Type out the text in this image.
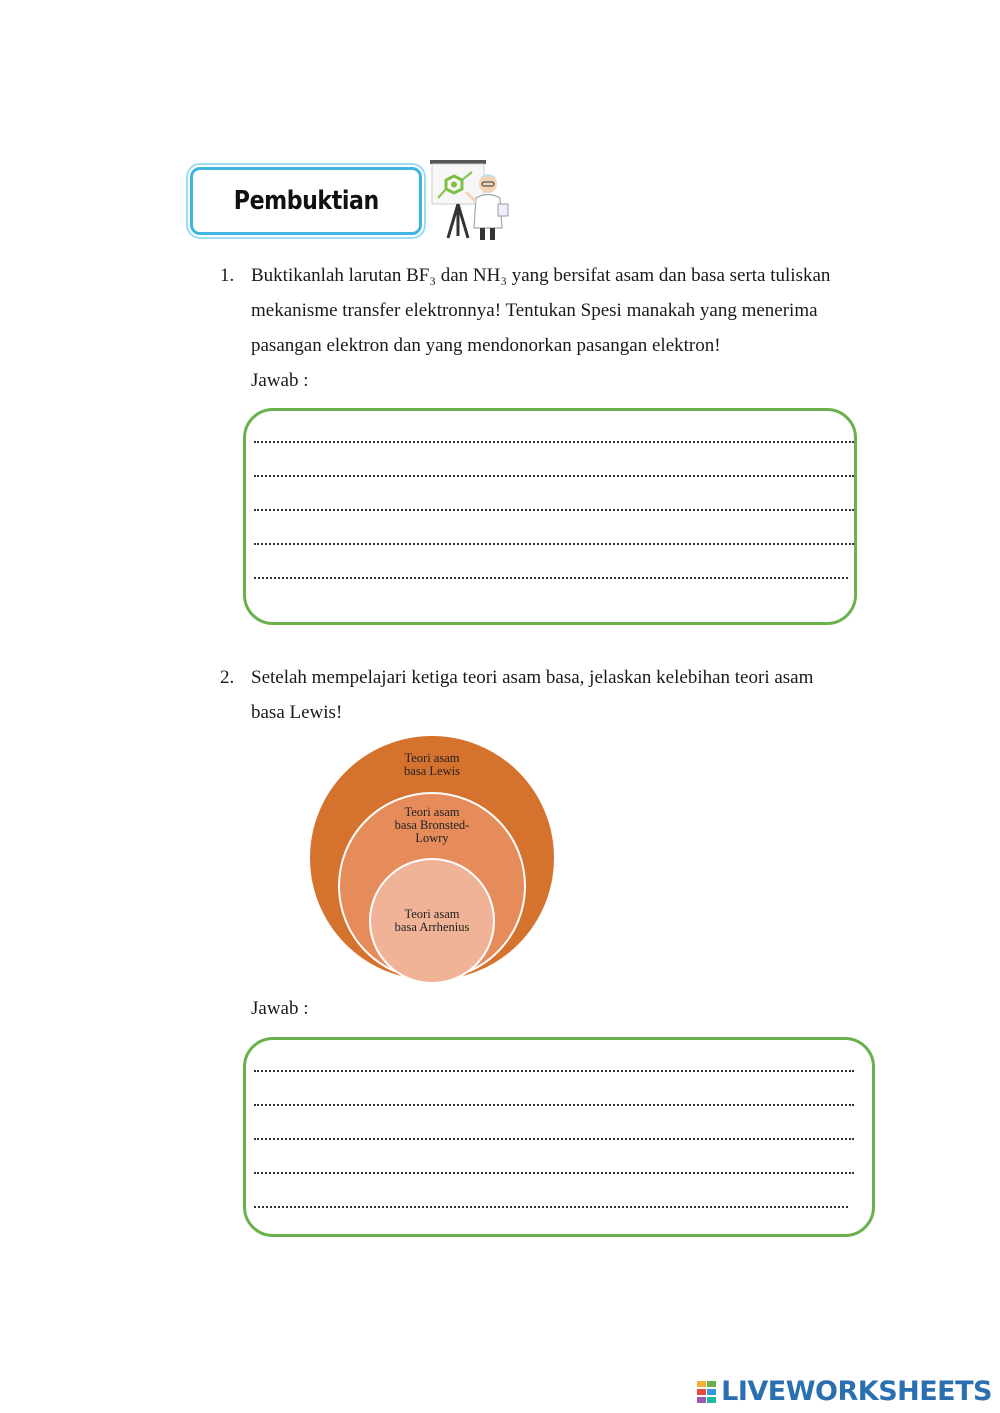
Pembuktian
1. Buktikanlah larutan BF₃ dan NH₃ yang bersifat asam dan basa serta tuliskan
mekanisme transfer elektronnya! Tentukan Spesi manakah yang menerima
pasangan elektron dan yang mendonorkan pasangan elektron!
Jawab :
2. Setelah mempelajari ketiga teori asam basa, jelaskan kelebihan teori asam
basa Lewis!
Teori asam
basa Lewis
Teori asam
basa Bronsted-
Lowry
Teori asam
basa Arrhenius
Jawab :
LIVEWORKSHEETS
